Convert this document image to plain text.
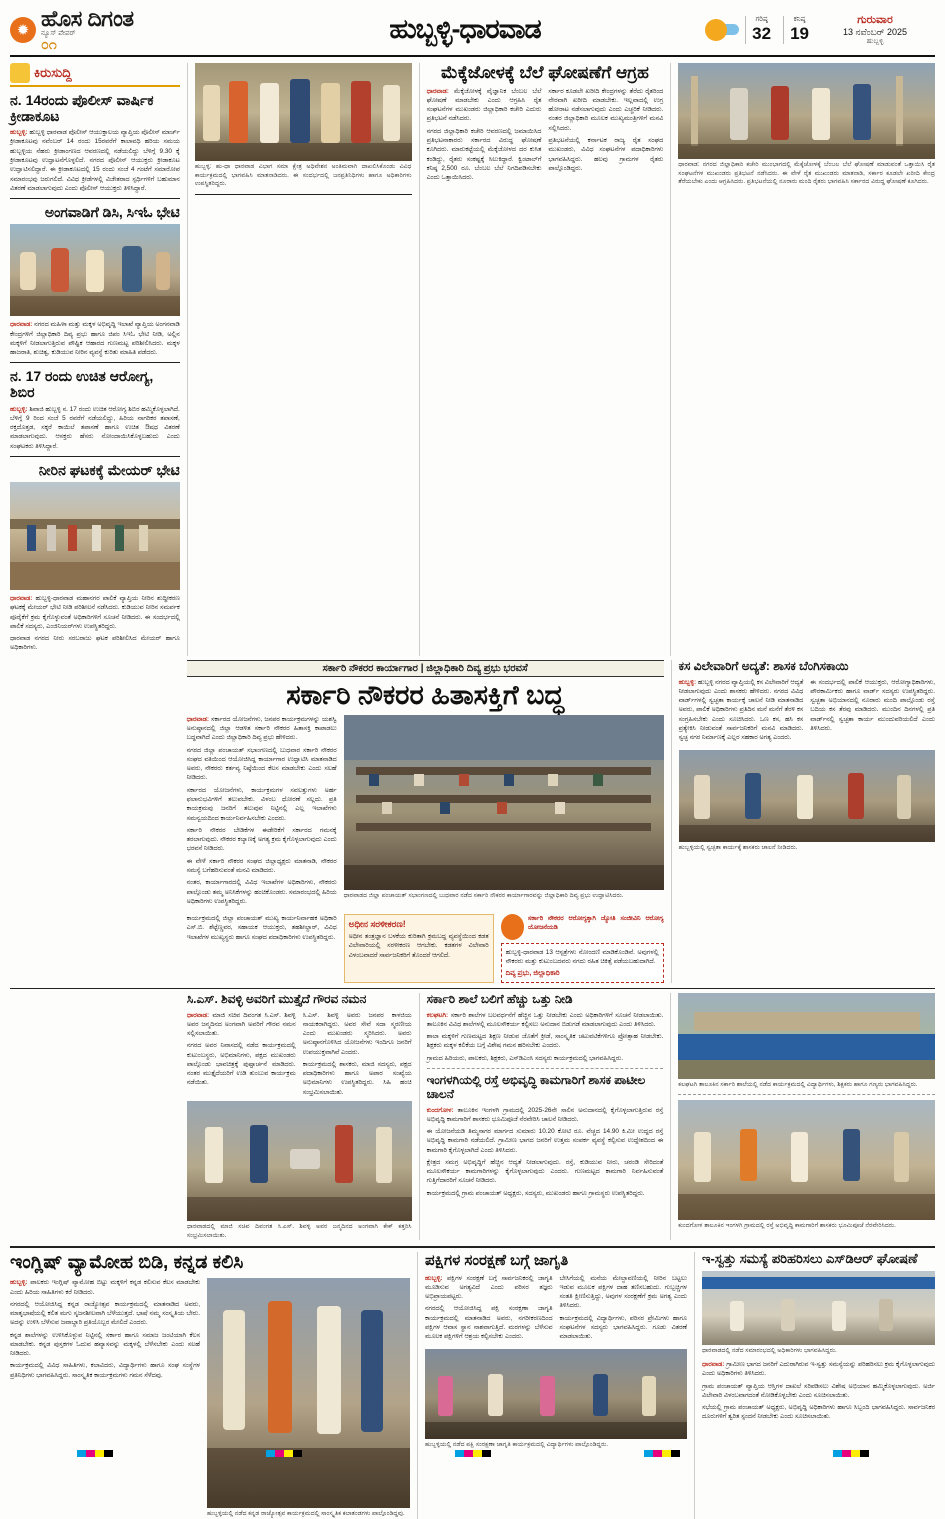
✹ ಹೊಸ ದಿಗಂತ
ನ್ಯೂಸ್ ಪೇಪರ್
೦೧
ಹುಬ್ಬಳ್ಳಿ-ಧಾರವಾಡ	ಗರಿಷ್ಠ
32
ಕನಿಷ್ಠ
19
ಗುರುವಾರ
13 ನವೆಂಬರ್ 2025
ಹುಬ್ಬಳ್ಳಿ
ಕಿರುಸುದ್ದಿ
ನ. 14ರಂದು ಪೊಲೀಸ್ ವಾರ್ಷಿಕ ಕ್ರೀಡಾಕೂಟ

ಹುಬ್ಬಳ್ಳಿ: ಹುಬ್ಬಳ್ಳಿ ಧಾರವಾಡ ಪೊಲೀಸ್ ಆಯುಕ್ತಾಲಯ ವ್ಯಾಪ್ತಿಯ ಪೊಲೀಸ್ ಮಾರ್ಚ್ ಕ್ರೀಡಾಕೂಟವು ನವೆಂಬರ್ 14 ರಂದು 15ರವರೆಗೆ ಕಾಲಾವಧಿ ಹರಿಯ ಸಮಯ ಹುಬ್ಬಳ್ಳಿಯ ನೆಹರು ಕ್ರೀಡಾಂಗಣದ ಆವರಣದಲ್ಲಿ ನಡೆಯಲಿದ್ದು ಬೆಳಿಗ್ಗೆ 9.30 ಕ್ಕೆ ಕ್ರೀಡಾಕೂಟವು ಉದ್ಘಾಟನೆಗೊಳ್ಳಲಿದೆ. ನಗರದ ಪೊಲೀಸ್ ಆಯುಕ್ತರು ಕ್ರೀಡಾಕೂಟ ಉದ್ಘಾಟಿಸಲಿದ್ದಾರೆ. ಈ ಕ್ರೀಡಾಕೂಟದಲ್ಲಿ 15 ರಂದು ಸಂಜೆ 4 ಗಂಟೆಗೆ ಸಮಾರೋಪ ಸಮಾರಂಭವು ಜರುಗಲಿದೆ. ವಿವಿಧ ಕ್ರೀಡೆಗಳಲ್ಲಿ ವಿಜೇತರಾದ ಸ್ಪರ್ಧಿಗಳಿಗೆ ಬಹುಮಾನ ವಿತರಣೆ ಮಾಡಲಾಗುವುದು ಎಂದು ಪೊಲೀಸ್ ಆಯುಕ್ತರು ತಿಳಿಸಿದ್ದಾರೆ.

ಅಂಗವಾಡಿಗೆ ಡಿಸಿ, ಸಿಇಓ ಭೇಟಿ

ಧಾರವಾಡ: ನಗರದ ಮಹಿಳಾ ಮತ್ತು ಮಕ್ಕಳ ಅಭಿವೃದ್ಧಿ ಇಲಾಖೆ ವ್ಯಾಪ್ತಿಯ ಅಂಗನವಾಡಿ ಕೇಂದ್ರಗಳಿಗೆ ಜಿಲ್ಲಾಧಿಕಾರಿ ದಿವ್ಯ ಪ್ರಭು ಹಾಗೂ ಜಿಪಂ ಸಿಇಓ ಭೇಟಿ ನೀಡಿ, ಅಲ್ಲಿನ ಮಕ್ಕಳಿಗೆ ನೀಡಲಾಗುತ್ತಿರುವ ಪೌಷ್ಟಿಕ ಆಹಾರದ ಗುಣಮಟ್ಟ ಪರಿಶೀಲಿಸಿದರು. ಮಕ್ಕಳ ಹಾಜರಾತಿ, ಶುಚಿತ್ವ, ಕುಡಿಯುವ ನೀರಿನ ವ್ಯವಸ್ಥೆ ಕುರಿತು ಮಾಹಿತಿ ಪಡೆದರು.

ನ. 17 ರಂದು ಉಚಿತ ಆರೋಗ್ಯ, ಶಿಬಿರ

ಹುಬ್ಬಳ್ಳಿ: ಶಿವಾಜಿ ಹುಬ್ಬಳ್ಳಿ ನ. 17 ರಂದು ಉಚಿತ ಆರೋಗ್ಯ ಶಿಬಿರ ಹಮ್ಮಿಕೊಳ್ಳಲಾಗಿದೆ. ಬೆಳಿಗ್ಗೆ 9 ರಿಂದ ಸಂಜೆ 5 ರವರೆಗೆ ನಡೆಯಲಿದ್ದು, ಹಿರಿಯ ನಾಗರಿಕರ ತಪಾಸಣೆ, ರಕ್ತದೊತ್ತಡ, ಸಕ್ಕರೆ ಕಾಯಿಲೆ ತಪಾಸಣೆ ಹಾಗೂ ಉಚಿತ ಔಷಧ ವಿತರಣೆ ಮಾಡಲಾಗುವುದು. ಆಸಕ್ತರು ಹೆಸರು ನೋಂದಾಯಿಸಿಕೊಳ್ಳಬಹುದು ಎಂದು ಸಂಘಟಕರು ತಿಳಿಸಿದ್ದಾರೆ.

ನೀರಿನ ಘಟಕಕ್ಕೆ ಮೇಯರ್ ಭೇಟಿ

ಧಾರವಾಡ: ಹುಬ್ಬಳ್ಳಿ-ಧಾರವಾಡ ಮಹಾನಗರ ಪಾಲಿಕೆ ವ್ಯಾಪ್ತಿಯ ನೀರಿನ ಶುದ್ಧೀಕರಣ ಘಟಕಕ್ಕೆ ಮೇಯರ್ ಭೇಟಿ ನೀಡಿ ಪರಿಶೀಲನೆ ನಡೆಸಿದರು. ಕುಡಿಯುವ ನೀರಿನ ಸಮರ್ಪಕ ಪೂರೈಕೆಗೆ ಕ್ರಮ ಕೈಗೊಳ್ಳುವಂತೆ ಅಧಿಕಾರಿಗಳಿಗೆ ಸೂಚನೆ ನೀಡಿದರು. ಈ ಸಂದರ್ಭದಲ್ಲಿ ಪಾಲಿಕೆ ಸದಸ್ಯರು, ಎಂಜಿನಿಯರ್‌ಗಳು ಉಪಸ್ಥಿತರಿದ್ದರು.

ಧಾರವಾಡ ನಗರದ ನೀರು ಸರಬರಾಜು ಘಟಕ ಪರಿಶೀಲಿಸಿದ ಮೇಯರ್ ಹಾಗೂ ಅಧಿಕಾರಿಗಳು.

ಹುಬ್ಬಳ್ಳಿ: ಹು-ಧಾ ಧಾರವಾಡ ವಿಭಾಗ ಸಮಾ ಕ್ಷೇತ್ರ ಅಧಿವೇಶನ ಅಂತಿಮವಾಗಿ ದಾಖಲಿಸಿಕೊಂಡು ವಿವಿಧ ಕಾರ್ಯಕ್ರಮದಲ್ಲಿ ಭಾಗವಹಿಸಿ ಮಾತನಾಡಿದರು. ಈ ಸಂದರ್ಭದಲ್ಲಿ ಜನಪ್ರತಿನಿಧಿಗಳು ಹಾಗೂ ಅಧಿಕಾರಿಗಳು ಉಪಸ್ಥಿತರಿದ್ದರು.
ಮೆಕ್ಕೆಜೋಳಕ್ಕೆ ಬೆಲೆ ಘೋಷಣೆಗೆ ಆಗ್ರಹ

ಧಾರವಾಡ: ಮೆಕ್ಕೆಜೋಳಕ್ಕೆ ವೈಜ್ಞಾನಿಕ ಬೆಂಬಲ ಬೆಲೆ ಘೋಷಣೆ ಮಾಡಬೇಕು ಎಂದು ಆಗ್ರಹಿಸಿ ರೈತ ಸಂಘಟನೆಗಳ ಮುಖಂಡರು ಜಿಲ್ಲಾಧಿಕಾರಿ ಕಚೇರಿ ಎದುರು ಪ್ರತಿಭಟನೆ ನಡೆಸಿದರು.

ನಗರದ ಜಿಲ್ಲಾಧಿಕಾರಿ ಕಚೇರಿ ಆವರಣದಲ್ಲಿ ಜಮಾಯಿಸಿದ ಪ್ರತಿಭಟನಾಕಾರರು ಸರ್ಕಾರದ ವಿರುದ್ಧ ಘೋಷಣೆ ಕೂಗಿದರು. ಮಾರುಕಟ್ಟೆಯಲ್ಲಿ ಮೆಕ್ಕೆಜೋಳದ ದರ ಕುಸಿತ ಕಂಡಿದ್ದು, ರೈತರು ಸಂಕಷ್ಟಕ್ಕೆ ಸಿಲುಕಿದ್ದಾರೆ. ಕ್ವಿಂಟಾಲ್‌ಗೆ ಕನಿಷ್ಠ 2,500 ರೂ. ಬೆಂಬಲ ಬೆಲೆ ನಿಗದಿಪಡಿಸಬೇಕು ಎಂದು ಒತ್ತಾಯಿಸಿದರು.

ಸರ್ಕಾರ ಕೂಡಲೇ ಖರೀದಿ ಕೇಂದ್ರಗಳನ್ನು ತೆರೆದು ರೈತರಿಂದ ನೇರವಾಗಿ ಖರೀದಿ ಮಾಡಬೇಕು. ಇಲ್ಲವಾದಲ್ಲಿ ಉಗ್ರ ಹೋರಾಟ ನಡೆಸಲಾಗುವುದು ಎಂದು ಎಚ್ಚರಿಕೆ ನೀಡಿದರು. ನಂತರ ಜಿಲ್ಲಾಧಿಕಾರಿ ಮೂಲಕ ಮುಖ್ಯಮಂತ್ರಿಗಳಿಗೆ ಮನವಿ ಸಲ್ಲಿಸಿದರು.

ಪ್ರತಿಭಟನೆಯಲ್ಲಿ ಕರ್ನಾಟಕ ರಾಜ್ಯ ರೈತ ಸಂಘದ ಮುಖಂಡರು, ವಿವಿಧ ಸಂಘಟನೆಗಳ ಪದಾಧಿಕಾರಿಗಳು ಭಾಗವಹಿಸಿದ್ದರು. ಹಲವು ಗ್ರಾಮಗಳ ರೈತರು ಪಾಲ್ಗೊಂಡಿದ್ದರು.

ಧಾರವಾಡ: ನಗರದ ಜಿಲ್ಲಾಧಿಕಾರಿ ಕಚೇರಿ ಮುಂಭಾಗದಲ್ಲಿ ಮೆಕ್ಕೆಜೋಳಕ್ಕೆ ಬೆಂಬಲ ಬೆಲೆ ಘೋಷಣೆ ಮಾಡುವಂತೆ ಒತ್ತಾಯಿಸಿ ರೈತ ಸಂಘಟನೆಗಳ ಮುಖಂಡರು ಪ್ರತಿಭಟನೆ ನಡೆಸಿದರು. ಈ ವೇಳೆ ರೈತ ಮುಖಂಡರು ಮಾತನಾಡಿ, ಸರ್ಕಾರ ಕೂಡಲೇ ಖರೀದಿ ಕೇಂದ್ರ ತೆರೆಯಬೇಕು ಎಂದು ಆಗ್ರಹಿಸಿದರು. ಪ್ರತಿಭಟನೆಯಲ್ಲಿ ನೂರಾರು ಮಂದಿ ರೈತರು ಭಾಗವಹಿಸಿ ಸರ್ಕಾರದ ವಿರುದ್ಧ ಘೋಷಣೆ ಕೂಗಿದರು.
ಸರ್ಕಾರಿ ನೌಕರರ ಕಾರ್ಯಾಗಾರ | ಜಿಲ್ಲಾಧಿಕಾರಿ ದಿವ್ಯ ಪ್ರಭು ಭರವಸೆ
ಸರ್ಕಾರಿ ನೌಕರರ ಹಿತಾಸಕ್ತಿಗೆ ಬದ್ಧ

ಧಾರವಾಡ: ಸರ್ಕಾರದ ಯೋಜನೆಗಳು, ಜನಪರ ಕಾರ್ಯಕ್ರಮಗಳನ್ನು ಯಶಸ್ವಿ ಅನುಷ್ಠಾನದಲ್ಲಿ ಜಿಲ್ಲಾ ಆಡಳಿತ ಸರ್ಕಾರಿ ನೌಕರರ ಹಿತಾಸಕ್ತಿ ಕಾಪಾಡಲು ಬದ್ಧವಾಗಿದೆ ಎಂದು ಜಿಲ್ಲಾಧಿಕಾರಿ ದಿವ್ಯ ಪ್ರಭು ಹೇಳಿದರು.

ನಗರದ ಜಿಲ್ಲಾ ಪಂಚಾಯತ್ ಸಭಾಂಗಣದಲ್ಲಿ ಬುಧವಾರ ಸರ್ಕಾರಿ ನೌಕರರ ಸಂಘದ ವತಿಯಿಂದ ಆಯೋಜಿಸಿದ್ದ ಕಾರ್ಯಾಗಾರ ಉದ್ಘಾಟಿಸಿ ಮಾತನಾಡಿದ ಅವರು, ನೌಕರರು ಕರ್ತವ್ಯ ನಿಷ್ಠೆಯಿಂದ ಕೆಲಸ ಮಾಡಬೇಕು ಎಂದು ಸಲಹೆ ನೀಡಿದರು.

ಸರ್ಕಾರದ ಯೋಜನೆಗಳು, ಕಾರ್ಯಕ್ರಮಗಳ ಸವಲತ್ತುಗಳು ಅರ್ಹ ಫಲಾನುಭವಿಗಳಿಗೆ ತಲುಪಬೇಕು. ವಿಳಂಬ ಧೋರಣೆ ಸಲ್ಲದು. ಪ್ರತಿ ಕಾಯಕ್ರಮವು ಜನರಿಗೆ ತಲುಪುವ ನಿಟ್ಟಿನಲ್ಲಿ ಎಲ್ಲ ಇಲಾಖೆಗಳು ಸಮನ್ವಯದಿಂದ ಕಾರ್ಯನಿರ್ವಹಿಸಬೇಕು ಎಂದರು.

ಸರ್ಕಾರಿ ನೌಕರರ ಬೇಡಿಕೆಗಳ ಈಡೇರಿಕೆಗೆ ಸರ್ಕಾರದ ಗಮನಕ್ಕೆ ತರಲಾಗುವುದು. ನೌಕರರ ಕಲ್ಯಾಣಕ್ಕೆ ಅಗತ್ಯ ಕ್ರಮ ಕೈಗೊಳ್ಳಲಾಗುವುದು ಎಂದು ಭರವಸೆ ನೀಡಿದರು.

ಈ ವೇಳೆ ಸರ್ಕಾರಿ ನೌಕರರ ಸಂಘದ ಜಿಲ್ಲಾಧ್ಯಕ್ಷರು ಮಾತನಾಡಿ, ನೌಕರರ ಸಮಸ್ಯೆ ಬಗೆಹರಿಸುವಂತೆ ಮನವಿ ಮಾಡಿದರು.

ನಂತರ, ಕಾರ್ಯಾಗಾರದಲ್ಲಿ ವಿವಿಧ ಇಲಾಖೆಗಳ ಅಧಿಕಾರಿಗಳು, ನೌಕರರು ಪಾಲ್ಗೊಂಡು ತಮ್ಮ ಅನಿಸಿಕೆಗಳನ್ನು ಹಂಚಿಕೊಂಡರು. ಸಮಾರಂಭದಲ್ಲಿ ಹಿರಿಯ ಅಧಿಕಾರಿಗಳು ಉಪಸ್ಥಿತರಿದ್ದರು.

ಧಾರವಾಡದ ಜಿಲ್ಲಾ ಪಂಚಾಯತ್ ಸಭಾಂಗಣದಲ್ಲಿ ಬುಧವಾರ ನಡೆದ ಸರ್ಕಾರಿ ನೌಕರರ ಕಾರ್ಯಾಗಾರವನ್ನು ಜಿಲ್ಲಾಧಿಕಾರಿ ದಿವ್ಯ ಪ್ರಭು ಉದ್ಘಾಟಿಸಿದರು.

ಕಾರ್ಯಕ್ರಮದಲ್ಲಿ ಜಿಲ್ಲಾ ಪಂಚಾಯತ್ ಮುಖ್ಯ ಕಾರ್ಯನಿರ್ವಾಹಕ ಅಧಿಕಾರಿ ಎಸ್.ಬಿ. ಶೆಟ್ಟೆಣ್ಣವರ, ಸಹಾಯಕ ಆಯುಕ್ತರು, ತಹಶೀಲ್ದಾರ್, ವಿವಿಧ ಇಲಾಖೆಗಳ ಮುಖ್ಯಸ್ಥರು ಹಾಗೂ ಸಂಘದ ಪದಾಧಿಕಾರಿಗಳು ಉಪಸ್ಥಿತರಿದ್ದರು.

ಅಧೀನ ಸರಳೀಕರಣ!
ಅಧೀನ ತಂತ್ರಜ್ಞಾನ ಬಳಕೆಯ ಕುರಿತಾಗಿ ಕ್ರಮಬದ್ಧ ವ್ಯವಸ್ಥೆಯಿಂದ ಕಡತ ವಿಲೇವಾರಿಯಲ್ಲಿ ಸರಳೀಕರಣ ಆಗಬೇಕು. ಕಡತಗಳ ವಿಲೇವಾರಿ ವಿಳಂಬವಾದರೆ ಸಾರ್ವಜನಿಕರಿಗೆ ತೊಂದರೆ ಆಗಲಿದೆ.
ಸರ್ಕಾರಿ ನೌಕರರ ಆರೋಗ್ಯಕ್ಕಾಗಿ ಜ್ಯೋತಿ ಸಂಜೀವಿನಿ ಆರೋಗ್ಯ ಯೋಜನೆಯಡಿ
ಹುಬ್ಬಳ್ಳಿ-ಧಾರವಾಡ 13 ಆಸ್ಪತ್ರೆಗಳು ನೋಂದಣಿ ಮಾಡಿಕೊಂಡಿವೆ. ಅವುಗಳಲ್ಲಿ ನೌಕರರು ಮತ್ತು ಕುಟುಂಬದವರು ನಗದು ರಹಿತ ಚಿಕಿತ್ಸೆ ಪಡೆಯಬಹುದಾಗಿದೆ.
ದಿವ್ಯ ಪ್ರಭು, ಜಿಲ್ಲಾಧಿಕಾರಿ
ಕಸ ವಿಲೇವಾರಿಗೆ ಅದ್ಯತೆ: ಶಾಸಕ ಬೆಂಗಿಸಕಾಯಿ

ಹುಬ್ಬಳ್ಳಿ: ಹುಬ್ಬಳ್ಳಿ ನಗರದ ವ್ಯಾಪ್ತಿಯಲ್ಲಿ ಕಸ ವಿಲೇವಾರಿಗೆ ಆದ್ಯತೆ ನೀಡಲಾಗುವುದು ಎಂದು ಶಾಸಕರು ಹೇಳಿದರು. ನಗರದ ವಿವಿಧ ವಾರ್ಡ್‌ಗಳಲ್ಲಿ ಸ್ವಚ್ಛತಾ ಕಾರ್ಯಕ್ಕೆ ಚಾಲನೆ ನೀಡಿ ಮಾತನಾಡಿದ ಅವರು, ಪಾಲಿಕೆ ಅಧಿಕಾರಿಗಳು ಪ್ರತಿದಿನ ಮನೆ ಮನೆಗೆ ತೆರಳಿ ಕಸ ಸಂಗ್ರಹಿಸಬೇಕು ಎಂದು ಸೂಚಿಸಿದರು. ಒಣ ಕಸ, ಹಸಿ ಕಸ ಪ್ರತ್ಯೇಕಿಸಿ ನೀಡುವಂತೆ ಸಾರ್ವಜನಿಕರಿಗೆ ಮನವಿ ಮಾಡಿದರು. ಸ್ವಚ್ಛ ನಗರ ನಿರ್ಮಾಣಕ್ಕೆ ಎಲ್ಲರ ಸಹಕಾರ ಅಗತ್ಯ ಎಂದರು.

ಈ ಸಂದರ್ಭದಲ್ಲಿ ಪಾಲಿಕೆ ಆಯುಕ್ತರು, ಆರೋಗ್ಯಾಧಿಕಾರಿಗಳು, ಪೌರಕಾರ್ಮಿಕರು ಹಾಗೂ ವಾರ್ಡ್ ಸದಸ್ಯರು ಉಪಸ್ಥಿತರಿದ್ದರು. ಸ್ವಚ್ಛತಾ ಅಭಿಯಾನದಲ್ಲಿ ನೂರಾರು ಮಂದಿ ಪಾಲ್ಗೊಂಡು ರಸ್ತೆ ಬದಿಯ ಕಸ ತೆರವು ಮಾಡಿದರು. ಮುಂದಿನ ದಿನಗಳಲ್ಲಿ ಪ್ರತಿ ವಾರ್ಡ್‌ನಲ್ಲಿ ಸ್ವಚ್ಛತಾ ಕಾರ್ಯ ಮುಂದುವರಿಯಲಿದೆ ಎಂದು ತಿಳಿಸಿದರು.

ಹುಬ್ಬಳ್ಳಿಯಲ್ಲಿ ಸ್ವಚ್ಛತಾ ಕಾರ್ಯಕ್ಕೆ ಶಾಸಕರು ಚಾಲನೆ ನೀಡಿದರು.
ಸಿ.ಎಸ್. ಶಿವಳ್ಳಿ ಅವರಿಗೆ ಮುತ್ತೈದೆ ಗೌರವ ನಮನ

ಧಾರವಾಡ: ಮಾಜಿ ಸಚಿವ ದಿವಂಗತ ಸಿ.ಎಸ್. ಶಿವಳ್ಳಿ ಅವರ ಜನ್ಮದಿನದ ಅಂಗವಾಗಿ ಅವರಿಗೆ ಗೌರವ ನಮನ ಸಲ್ಲಿಸಲಾಯಿತು.

ನಗರದ ಅವರ ನಿವಾಸದಲ್ಲಿ ನಡೆದ ಕಾರ್ಯಕ್ರಮದಲ್ಲಿ ಕುಟುಂಬಸ್ಥರು, ಅಭಿಮಾನಿಗಳು, ಪಕ್ಷದ ಮುಖಂಡರು ಪಾಲ್ಗೊಂಡು ಭಾವಚಿತ್ರಕ್ಕೆ ಪುಷ್ಪಾರ್ಚನೆ ಮಾಡಿದರು. ನಂತರ ಮುತ್ತೈದೆಯರಿಗೆ ಉಡಿ ತುಂಬುವ ಕಾರ್ಯಕ್ರಮ ನಡೆಯಿತು.

ಸಿ.ಎಸ್. ಶಿವಳ್ಳಿ ಅವರು ಜನಪರ ಕಾಳಜಿಯ ನಾಯಕರಾಗಿದ್ದರು. ಅವರ ಸೇವೆ ಸದಾ ಸ್ಮರಣೀಯ ಎಂದು ಮುಖಂಡರು ಸ್ಮರಿಸಿದರು. ಅವರು ಅನುಷ್ಠಾನಗೊಳಿಸಿದ ಯೋಜನೆಗಳು ಇಂದಿಗೂ ಜನರಿಗೆ ಉಪಯುಕ್ತವಾಗಿವೆ ಎಂದರು.

ಕಾರ್ಯಕ್ರಮದಲ್ಲಿ ಶಾಸಕರು, ಮಾಜಿ ಸದಸ್ಯರು, ಪಕ್ಷದ ಪದಾಧಿಕಾರಿಗಳು ಹಾಗೂ ಅಪಾರ ಸಂಖ್ಯೆಯ ಅಭಿಮಾನಿಗಳು ಉಪಸ್ಥಿತರಿದ್ದರು. ಸಿಹಿ ಹಂಚಿ ಸಂಭ್ರಮಿಸಲಾಯಿತು.

ಧಾರವಾಡದಲ್ಲಿ ಮಾಜಿ ಸಚಿವ ದಿವಂಗತ ಸಿ.ಎಸ್. ಶಿವಳ್ಳಿ ಅವರ ಜನ್ಮದಿನದ ಅಂಗವಾಗಿ ಕೇಕ್ ಕತ್ತರಿಸಿ ಸಂಭ್ರಮಿಸಲಾಯಿತು.
ಸರ್ಕಾರಿ ಶಾಲೆ ಬಲಿಗೆ ಹೆಚ್ಚು ಒತ್ತು ನೀಡಿ

ಕಲಘಟಗಿ: ಸರ್ಕಾರಿ ಶಾಲೆಗಳ ಬಲವರ್ಧನೆಗೆ ಹೆಚ್ಚಿನ ಒತ್ತು ನೀಡಬೇಕು ಎಂದು ಅಧಿಕಾರಿಗಳಿಗೆ ಸೂಚನೆ ನೀಡಲಾಯಿತು. ತಾಲೂಕಿನ ವಿವಿಧ ಶಾಲೆಗಳಲ್ಲಿ ಮೂಲಸೌಕರ್ಯ ಕಲ್ಪಿಸಲು ಅನುದಾನ ಬಿಡುಗಡೆ ಮಾಡಲಾಗುವುದು ಎಂದು ತಿಳಿಸಿದರು.

ಶಾಲಾ ಮಕ್ಕಳಿಗೆ ಗುಣಮಟ್ಟದ ಶಿಕ್ಷಣ ನೀಡುವ ಜೊತೆಗೆ ಕ್ರೀಡೆ, ಸಾಂಸ್ಕೃತಿಕ ಚಟುವಟಿಕೆಗಳಿಗೂ ಪ್ರೋತ್ಸಾಹ ನೀಡಬೇಕು. ಶಿಕ್ಷಕರು ಮಕ್ಕಳ ಕಲಿಕೆಯ ಬಗ್ಗೆ ವಿಶೇಷ ಗಮನ ಹರಿಸಬೇಕು ಎಂದರು.

ಗ್ರಾಮದ ಹಿರಿಯರು, ಪಾಲಕರು, ಶಿಕ್ಷಕರು, ಎಸ್‌ಡಿಎಂಸಿ ಸದಸ್ಯರು ಕಾರ್ಯಕ್ರಮದಲ್ಲಿ ಭಾಗವಹಿಸಿದ್ದರು.

ಇಂಗಳಗಿಯಲ್ಲಿ ರಸ್ತೆ ಅಭಿವೃದ್ಧಿ ಕಾಮಗಾರಿಗೆ ಶಾಸಕ ಪಾಟೀಲ ಚಾಲನೆ

ಕುಂದಗೋಳ: ತಾಲೂಕಿನ ಇಂಗಳಗಿ ಗ್ರಾಮದಲ್ಲಿ 2025-26ನೇ ಸಾಲಿನ ಅನುದಾನದಲ್ಲಿ ಕೈಗೊಳ್ಳಲಾಗುತ್ತಿರುವ ರಸ್ತೆ ಅಭಿವೃದ್ಧಿ ಕಾಮಗಾರಿಗೆ ಶಾಸಕರು ಭೂಮಿಪೂಜೆ ನೆರವೇರಿಸಿ ಚಾಲನೆ ನೀಡಿದರು.

ಈ ಯೋಜನೆಯಡಿ ತಿಮ್ಮಸಾಗರ ಮಾರ್ಗದ ಸುಮಾರು 10.20 ಕೋಟಿ ರೂ. ವೆಚ್ಚದ 14.90 ಕಿ.ಮೀ ಉದ್ದದ ರಸ್ತೆ ಅಭಿವೃದ್ಧಿ ಕಾಮಗಾರಿ ನಡೆಯಲಿದೆ. ಗ್ರಾಮೀಣ ಭಾಗದ ಜನರಿಗೆ ಉತ್ತಮ ಸಂಪರ್ಕ ವ್ಯವಸ್ಥೆ ಕಲ್ಪಿಸುವ ಉದ್ದೇಶದಿಂದ ಈ ಕಾಮಗಾರಿ ಕೈಗೊಳ್ಳಲಾಗಿದೆ ಎಂದು ತಿಳಿಸಿದರು.

ಕ್ಷೇತ್ರದ ಸಮಗ್ರ ಅಭಿವೃದ್ಧಿಗೆ ಹೆಚ್ಚಿನ ಆದ್ಯತೆ ನೀಡಲಾಗುವುದು. ರಸ್ತೆ, ಕುಡಿಯುವ ನೀರು, ಚರಂಡಿ ಸೇರಿದಂತೆ ಮೂಲಸೌಕರ್ಯ ಕಾಮಗಾರಿಗಳನ್ನು ಕೈಗೊಳ್ಳಲಾಗುವುದು ಎಂದರು. ಗುಣಮಟ್ಟದ ಕಾಮಗಾರಿ ನಿರ್ವಹಿಸುವಂತೆ ಗುತ್ತಿಗೆದಾರರಿಗೆ ಸೂಚನೆ ನೀಡಿದರು.

ಕಾರ್ಯಕ್ರಮದಲ್ಲಿ ಗ್ರಾಮ ಪಂಚಾಯತ್ ಅಧ್ಯಕ್ಷರು, ಸದಸ್ಯರು, ಮುಖಂಡರು ಹಾಗೂ ಗ್ರಾಮಸ್ಥರು ಉಪಸ್ಥಿತರಿದ್ದರು.

ಕಲಘಟಗಿ ತಾಲೂಕಿನ ಸರ್ಕಾರಿ ಶಾಲೆಯಲ್ಲಿ ನಡೆದ ಕಾರ್ಯಕ್ರಮದಲ್ಲಿ ವಿದ್ಯಾರ್ಥಿಗಳು, ಶಿಕ್ಷಕರು ಹಾಗೂ ಗಣ್ಯರು ಭಾಗವಹಿಸಿದ್ದರು.
ಕುಂದಗೋಳ ತಾಲೂಕಿನ ಇಂಗಳಗಿ ಗ್ರಾಮದಲ್ಲಿ ರಸ್ತೆ ಅಭಿವೃದ್ಧಿ ಕಾಮಗಾರಿಗೆ ಶಾಸಕರು ಭೂಮಿಪೂಜೆ ನೆರವೇರಿಸಿದರು.
ಇಂಗ್ಲಿಷ್ ವ್ಯಾಮೋಹ ಬಿಡಿ, ಕನ್ನಡ ಕಲಿಸಿ

ಹುಬ್ಬಳ್ಳಿ: ಪಾಲಕರು ಇಂಗ್ಲಿಷ್ ವ್ಯಾಮೋಹ ಬಿಟ್ಟು ಮಕ್ಕಳಿಗೆ ಕನ್ನಡ ಕಲಿಸುವ ಕೆಲಸ ಮಾಡಬೇಕು ಎಂದು ಹಿರಿಯ ಸಾಹಿತಿಗಳು ಕರೆ ನೀಡಿದರು.

ನಗರದಲ್ಲಿ ಆಯೋಜಿಸಿದ್ದ ಕನ್ನಡ ರಾಜ್ಯೋತ್ಸವ ಕಾರ್ಯಕ್ರಮದಲ್ಲಿ ಮಾತನಾಡಿದ ಅವರು, ಮಾತೃಭಾಷೆಯಲ್ಲಿ ಕಲಿತ ಮಗು ಸೃಜನಶೀಲವಾಗಿ ಬೆಳೆಯುತ್ತದೆ. ಭಾಷೆ ನಮ್ಮ ಸಂಸ್ಕೃತಿಯ ಬೇರು. ಅದನ್ನು ಉಳಿಸಿ ಬೆಳೆಸುವ ಜವಾಬ್ದಾರಿ ಪ್ರತಿಯೊಬ್ಬರ ಮೇಲಿದೆ ಎಂದರು.

ಕನ್ನಡ ಶಾಲೆಗಳನ್ನು ಉಳಿಸಿಕೊಳ್ಳುವ ನಿಟ್ಟಿನಲ್ಲಿ ಸರ್ಕಾರ ಹಾಗೂ ಸಮಾಜ ಜಂಟಿಯಾಗಿ ಕೆಲಸ ಮಾಡಬೇಕು. ಕನ್ನಡ ಪುಸ್ತಕಗಳ ಓದುವ ಹವ್ಯಾಸವನ್ನು ಮಕ್ಕಳಲ್ಲಿ ಬೆಳೆಸಬೇಕು ಎಂದು ಸಲಹೆ ನೀಡಿದರು.

ಕಾರ್ಯಕ್ರಮದಲ್ಲಿ ವಿವಿಧ ಸಾಹಿತಿಗಳು, ಕಲಾವಿದರು, ವಿದ್ಯಾರ್ಥಿಗಳು ಹಾಗೂ ಸಂಘ ಸಂಸ್ಥೆಗಳ ಪ್ರತಿನಿಧಿಗಳು ಭಾಗವಹಿಸಿದ್ದರು. ಸಾಂಸ್ಕೃತಿಕ ಕಾರ್ಯಕ್ರಮಗಳು ಗಮನ ಸೆಳೆದವು.

ಹುಬ್ಬಳ್ಳಿಯಲ್ಲಿ ನಡೆದ ಕನ್ನಡ ರಾಜ್ಯೋತ್ಸವ ಕಾರ್ಯಕ್ರಮದಲ್ಲಿ ಸಾಂಸ್ಕೃತಿಕ ಕಲಾತಂಡಗಳು ಪಾಲ್ಗೊಂಡಿದ್ದವು.
ಪಕ್ಷಿಗಳ ಸಂರಕ್ಷಣೆ ಬಗ್ಗೆ ಜಾಗೃತಿ

ಹುಬ್ಬಳ್ಳಿ: ಪಕ್ಷಿಗಳ ಸಂರಕ್ಷಣೆ ಬಗ್ಗೆ ಸಾರ್ವಜನಿಕರಲ್ಲಿ ಜಾಗೃತಿ ಮೂಡಿಸುವ ಅಗತ್ಯವಿದೆ ಎಂದು ಪರಿಸರ ತಜ್ಞರು ಅಭಿಪ್ರಾಯಪಟ್ಟರು.

ನಗರದಲ್ಲಿ ಆಯೋಜಿಸಿದ್ದ ಪಕ್ಷಿ ಸಂರಕ್ಷಣಾ ಜಾಗೃತಿ ಕಾರ್ಯಕ್ರಮದಲ್ಲಿ ಮಾತನಾಡಿದ ಅವರು, ನಗರೀಕರಣದಿಂದ ಪಕ್ಷಿಗಳ ಆವಾಸ ಸ್ಥಾನ ನಾಶವಾಗುತ್ತಿದೆ. ಮರಗಳನ್ನು ಬೆಳೆಸುವ ಮೂಲಕ ಪಕ್ಷಿಗಳಿಗೆ ಆಶ್ರಯ ಕಲ್ಪಿಸಬೇಕು ಎಂದರು.

ಬೇಸಿಗೆಯಲ್ಲಿ ಮನೆಯ ಮೇಲ್ಛಾವಣಿಯಲ್ಲಿ ನೀರಿನ ಬಟ್ಟಲು ಇಡುವ ಮೂಲಕ ಪಕ್ಷಿಗಳ ದಾಹ ತಣಿಸಬಹುದು. ಗುಬ್ಬಚ್ಚಿಗಳ ಸಂತತಿ ಕ್ಷೀಣಿಸುತ್ತಿದ್ದು, ಅವುಗಳ ಸಂರಕ್ಷಣೆಗೆ ಕ್ರಮ ಅಗತ್ಯ ಎಂದು ತಿಳಿಸಿದರು.

ಕಾರ್ಯಕ್ರಮದಲ್ಲಿ ವಿದ್ಯಾರ್ಥಿಗಳು, ಪರಿಸರ ಪ್ರೇಮಿಗಳು ಹಾಗೂ ಸಂಘಟನೆಗಳ ಸದಸ್ಯರು ಭಾಗವಹಿಸಿದ್ದರು. ಗೂಡು ವಿತರಣೆ ಮಾಡಲಾಯಿತು.

ಹುಬ್ಬಳ್ಳಿಯಲ್ಲಿ ನಡೆದ ಪಕ್ಷಿ ಸಂರಕ್ಷಣಾ ಜಾಗೃತಿ ಕಾರ್ಯಕ್ರಮದಲ್ಲಿ ವಿದ್ಯಾರ್ಥಿಗಳು ಪಾಲ್ಗೊಂಡಿದ್ದರು.
ಇ-ಸ್ವತ್ತು ಸಮಸ್ಯೆ ಪರಿಹರಿಸಲು ಎಸ್‌ಡಿಆರ್ ಘೋಷಣೆ
ಧಾರವಾಡದಲ್ಲಿ ನಡೆದ ಸಮಾರಂಭದಲ್ಲಿ ಅಧಿಕಾರಿಗಳು ಭಾಗವಹಿಸಿದ್ದರು.

ಧಾರವಾಡ: ಗ್ರಾಮೀಣ ಭಾಗದ ಜನರಿಗೆ ಎದುರಾಗಿರುವ ಇ-ಸ್ವತ್ತು ಸಮಸ್ಯೆಯನ್ನು ಪರಿಹರಿಸಲು ಕ್ರಮ ಕೈಗೊಳ್ಳಲಾಗುವುದು ಎಂದು ಅಧಿಕಾರಿಗಳು ತಿಳಿಸಿದರು.

ಗ್ರಾಮ ಪಂಚಾಯತ್ ವ್ಯಾಪ್ತಿಯ ಆಸ್ತಿಗಳ ದಾಖಲೆ ಸರಿಪಡಿಸಲು ವಿಶೇಷ ಅಭಿಯಾನ ಹಮ್ಮಿಕೊಳ್ಳಲಾಗುವುದು. ಅರ್ಜಿ ವಿಲೇವಾರಿ ವಿಳಂಬವಾಗದಂತೆ ನೋಡಿಕೊಳ್ಳಬೇಕು ಎಂದು ಸೂಚಿಸಲಾಯಿತು.

ಸಭೆಯಲ್ಲಿ ಗ್ರಾಮ ಪಂಚಾಯತ್ ಅಧ್ಯಕ್ಷರು, ಅಭಿವೃದ್ಧಿ ಅಧಿಕಾರಿಗಳು ಹಾಗೂ ಸಿಬ್ಬಂದಿ ಭಾಗವಹಿಸಿದ್ದರು. ಸಾರ್ವಜನಿಕರ ದೂರುಗಳಿಗೆ ತ್ವರಿತ ಸ್ಪಂದನೆ ನೀಡಬೇಕು ಎಂದು ಸೂಚಿಸಲಾಯಿತು.
